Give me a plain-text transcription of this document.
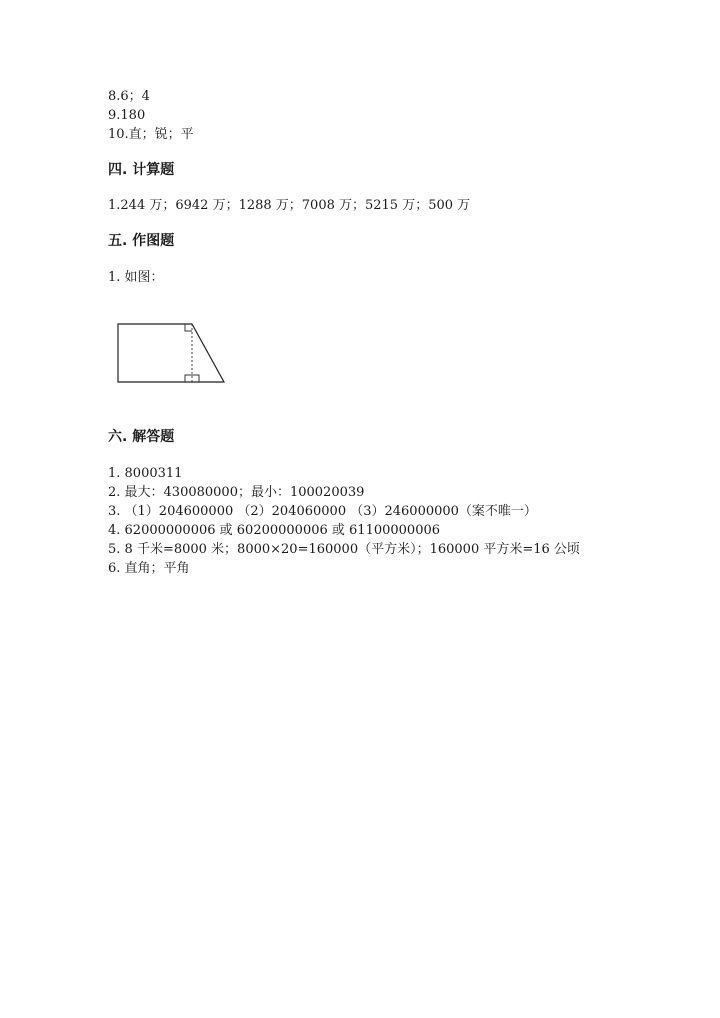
8.6；4
9.180
10.直；锐；平
四. 计算题
1.244 万；6942 万；1288 万；7008 万；5215 万；500 万
五. 作图题
1. 如图：
六. 解答题
1. 8000311
2. 最大：430080000；最小：100020039
3. （1）204600000 （2）204060000 （3）246000000（案不唯一）
4. 62000000006 或 60200000006 或 61100000006
5. 8 千米=8000 米；8000×20=160000（平方米）；160000 平方米=16 公顷
6. 直角；平角
